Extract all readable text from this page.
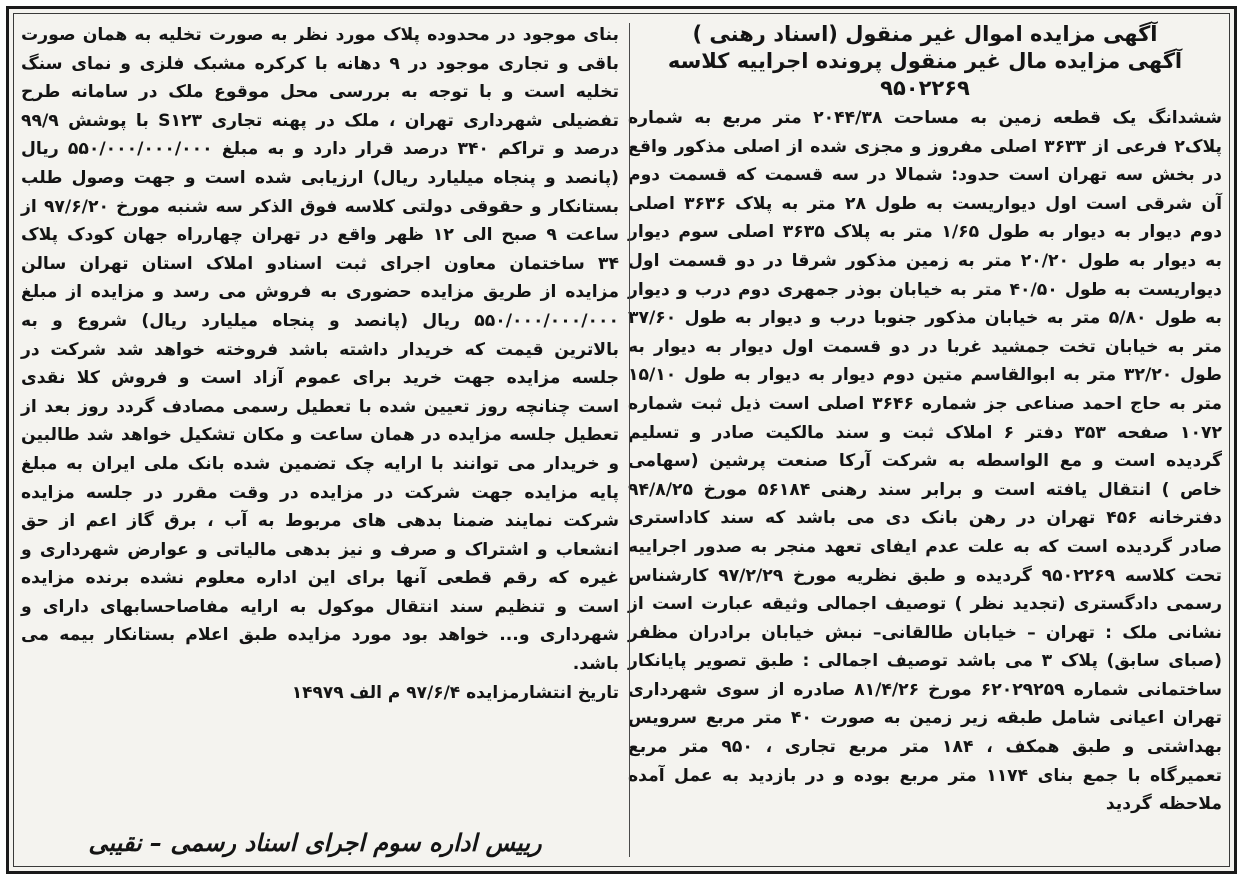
آگهی مزایده اموال غیر منقول (اسناد رهنی )

آگهی مزایده مال غیر منقول پرونده اجراییه کلاسه ۹۵۰۲۲۶۹

ششدانگ یک قطعه زمین به مساحت ۲۰۴۴/۳۸ متر مربع به شماره پلاک۲ فرعی از ۳۶۳۳ اصلی مفروز و مجزی شده از اصلی مذکور واقع در بخش سه تهران است حدود: شمالا در سه قسمت که قسمت دوم آن شرقی است اول دیواریست به طول ۲۸ متر به پلاک ۳۶۳۶ اصلی دوم دیوار به دیوار به طول ۱/۶۵ متر به پلاک ۳۶۳۵ اصلی سوم دیوار به دیوار به طول ۲۰/۲۰ متر به زمین مذکور شرقا در دو قسمت اول دیواریست به طول ۴۰/۵۰ متر به خیابان بوذر جمهری دوم درب و دیوار به طول ۵/۸۰ متر به خیابان مذکور جنوبا درب و دیوار به طول ۳۷/۶۰ متر به خیابان تخت جمشید غربا در دو قسمت اول دیوار به دیوار به طول ۳۲/۲۰ متر به ابوالقاسم متین دوم دیوار به دیوار به طول ۱۵/۱۰ متر به حاج احمد صناعی جز شماره ۳۶۴۶ اصلی است ذیل ثبت شماره ۱۰۷۲ صفحه ۳۵۳ دفتر ۶ املاک ثبت و سند مالکیت صادر و تسلیم گردیده است و مع الواسطه به شرکت آرکا صنعت پرشین (سهامی خاص ) انتقال یافته است و برابر سند رهنی ۵۶۱۸۴ مورخ ۹۴/۸/۲۵ دفترخانه ۴۵۶ تهران در رهن بانک دی می باشد که سند کاداستری صادر گردیده است که به علت عدم ایفای تعهد منجر به صدور اجراییه تحت کلاسه ۹۵۰۲۲۶۹ گردیده و طبق نظریه مورخ ۹۷/۲/۲۹ کارشناس رسمی دادگستری (تجدید نظر ) توصیف اجمالی وثیقه عبارت است از نشانی ملک : تهران – خیابان طالقانی– نبش خیابان برادران مظفر (صبای سابق) پلاک ۳ می باشد توصیف اجمالی : طبق تصویر پایانکار ساختمانی شماره ۶۲۰۲۹۲۵۹ مورخ ۸۱/۴/۲۶ صادره از سوی شهرداری تهران اعیانی شامل طبقه زیر زمین به صورت ۴۰ متر مربع سرویس بهداشتی و طبق همکف ، ۱۸۴ متر مربع تجاری ، ۹۵۰ متر مربع تعمیرگاه با جمع بنای ۱۱۷۴ متر مربع بوده و در بازدید به عمل آمده ملاحظه گردید

بنای موجود در محدوده پلاک مورد نظر به صورت تخلیه به همان صورت باقی و تجاری موجود در ۹ دهانه با کرکره مشبک فلزی و نمای سنگ تخلیه است و با توجه به بررسی محل موقوع ملک در سامانه طرح تفضیلی شهرداری تهران ، ملک در پهنه تجاری S۱۲۳ با پوشش ۹۹/۹ درصد و تراکم ۳۴۰ درصد قرار دارد و به مبلغ ۵۵۰/۰۰۰/۰۰۰/۰۰۰ ریال (پانصد و پنجاه میلیارد ریال) ارزیابی شده است و جهت وصول طلب بستانکار و حقوقی دولتی کلاسه فوق الذکر سه شنبه مورخ ۹۷/۶/۲۰ از ساعت ۹ صبح الی ۱۲ ظهر واقع در تهران چهارراه جهان کودک پلاک ۳۴ ساختمان معاون اجرای ثبت اسنادو املاک استان تهران سالن مزایده از طریق مزایده حضوری به فروش می رسد و مزایده از مبلغ ۵۵۰/۰۰۰/۰۰۰/۰۰۰ ریال (پانصد و پنجاه میلیارد ریال) شروع و به بالاترین قیمت که خریدار داشته باشد فروخته خواهد شد شرکت در جلسه مزایده جهت خرید برای عموم آزاد است و فروش کلا نقدی است چنانچه روز تعیین شده با تعطیل رسمی مصادف گردد روز بعد از تعطیل جلسه مزایده در همان ساعت و مکان تشکیل خواهد شد طالبین و خریدار می توانند با ارایه چک تضمین شده بانک ملی ایران به مبلغ پایه مزایده جهت شرکت در مزایده در وقت مقرر در جلسه مزایده شرکت نمایند ضمنا بدهی های مربوط به آب ، برق گاز اعم از حق انشعاب و اشتراک و صرف و نیز بدهی مالیاتی و عوارض شهرداری و غیره که رقم قطعی آنها برای این اداره معلوم نشده برنده مزایده است و تنظیم سند انتقال موکول به ارایه مفاصاحسابهای دارای و شهرداری و... خواهد بود مورد مزایده طبق اعلام بستانکار بیمه می باشد.

تاریخ انتشارمزایده ۹۷/۶/۴ م الف ۱۴۹۷۹

رییس اداره سوم اجرای اسناد رسمی – نقیبی
